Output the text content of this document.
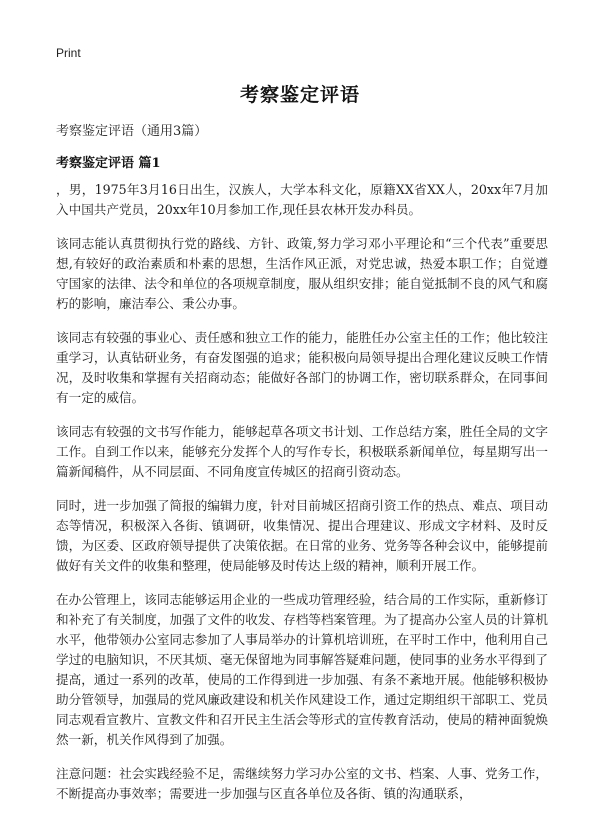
Print
考察鉴定评语
考察鉴定评语（通用3篇）
考察鉴定评语 篇1

，男，1975年3月16日出生，汉族人，大学本科文化，原籍XX省XX人，20xx年7月加入中国共产党员，20xx年10月参加工作,现任县农林开发办科员。

该同志能认真贯彻执行党的路线、方针、政策,努力学习邓小平理论和“三个代表”重要思想,有较好的政治素质和朴素的思想，生活作风正派，对党忠诚，热爱本职工作；自觉遵守国家的法律、法令和单位的各项规章制度，服从组织安排；能自觉抵制不良的风气和腐朽的影响，廉洁奉公、秉公办事。

该同志有较强的事业心、责任感和独立工作的能力，能胜任办公室主任的工作；他比较注重学习，认真钻研业务，有奋发图强的追求；能积极向局领导提出合理化建议反映工作情况，及时收集和掌握有关招商动态；能做好各部门的协调工作，密切联系群众，在同事间有一定的威信。

该同志有较强的文书写作能力，能够起草各项文书计划、工作总结方案，胜任全局的文字工作。自到工作以来，能够充分发挥个人的写作专长，积极联系新闻单位，每星期写出一篇新闻稿件，从不同层面、不同角度宣传城区的招商引资动态。

同时，进一步加强了简报的编辑力度，针对目前城区招商引资工作的热点、难点、项目动态等情况，积极深入各街、镇调研，收集情况、提出合理建议、形成文字材料、及时反馈，为区委、区政府领导提供了决策依据。在日常的业务、党务等各种会议中，能够提前做好有关文件的收集和整理，使局能够及时传达上级的精神，顺利开展工作。

在办公管理上，该同志能够运用企业的一些成功管理经验，结合局的工作实际，重新修订和补充了有关制度，加强了文件的收发、存档等档案管理。为了提高办公室人员的计算机水平，他带领办公室同志参加了人事局举办的计算机培训班，在平时工作中，他利用自己学过的电脑知识，不厌其烦、毫无保留地为同事解答疑难问题，使同事的业务水平得到了提高，通过一系列的改革，使局的工作得到进一步加强、有条不紊地开展。他能够积极协助分管领导，加强局的党风廉政建设和机关作风建设工作，通过定期组织干部职工、党员同志观看宣教片、宣教文件和召开民主生活会等形式的宣传教育活动，使局的精神面貌焕然一新，机关作风得到了加强。

注意问题：社会实践经验不足，需继续努力学习办公室的文书、档案、人事、党务工作，不断提高办事效率；需要进一步加强与区直各单位及各街、镇的沟通联系，
